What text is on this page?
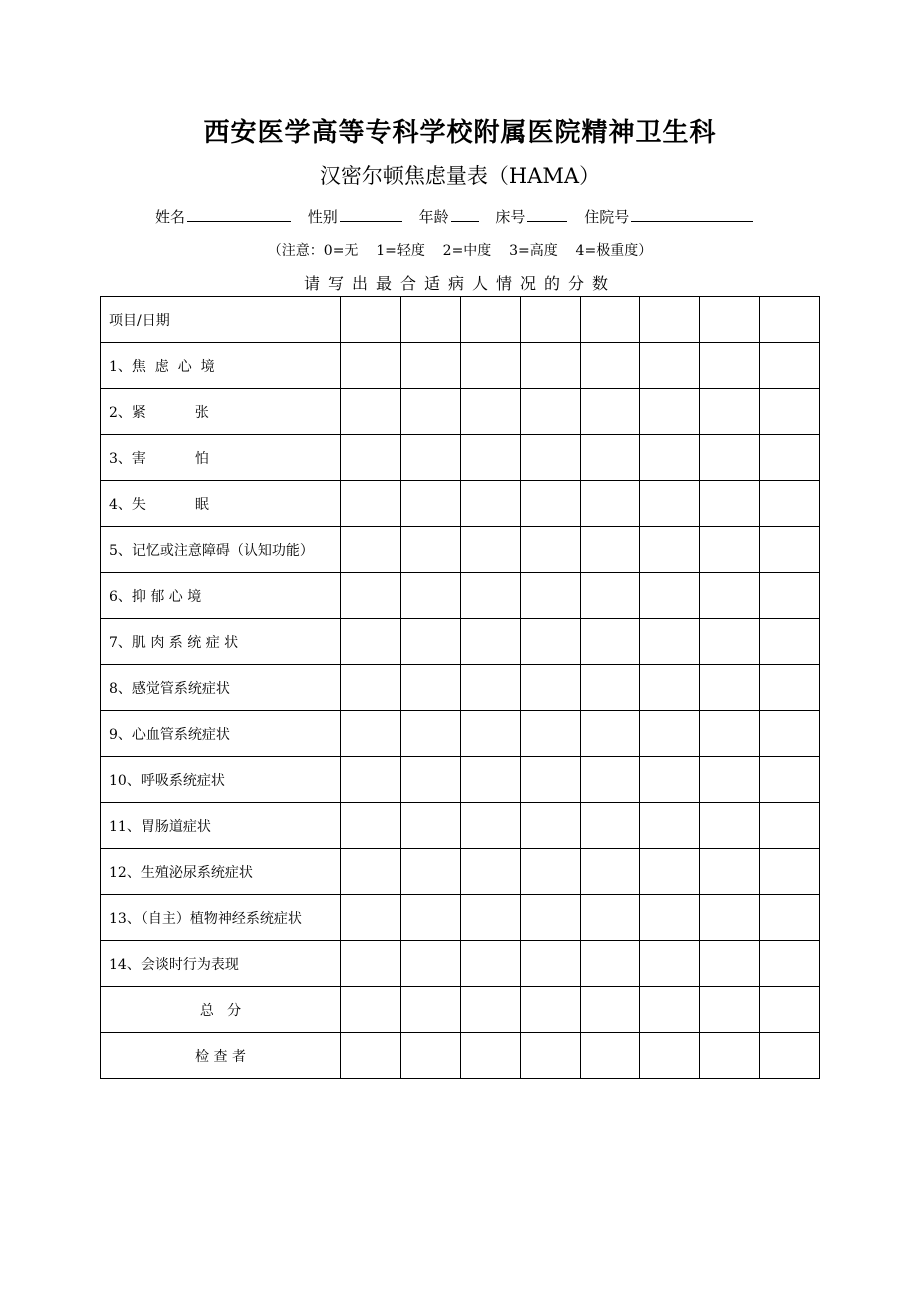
西安医学高等专科学校附属医院精神卫生科
汉密尔顿焦虑量表（HAMA）
姓名	性别	年龄	床号	住院号
（注意：0=无    1=轻度    2=中度    3=高度    4=极重度）
请写出最合适病人情况的分数
项目/日期								
1、焦  虑  心  境								
2、紧           张								
3、害           怕								
4、失           眠								
5、记忆或注意障碍（认知功能）								
6、抑 郁 心 境								
7、肌 肉 系 统 症 状								
8、感觉管系统症状								
9、心血管系统症状								
10、呼吸系统症状								
11、胃肠道症状								
12、生殖泌尿系统症状								
13、（自主）植物神经系统症状								
14、会谈时行为表现								
总   分								
检 查 者								
